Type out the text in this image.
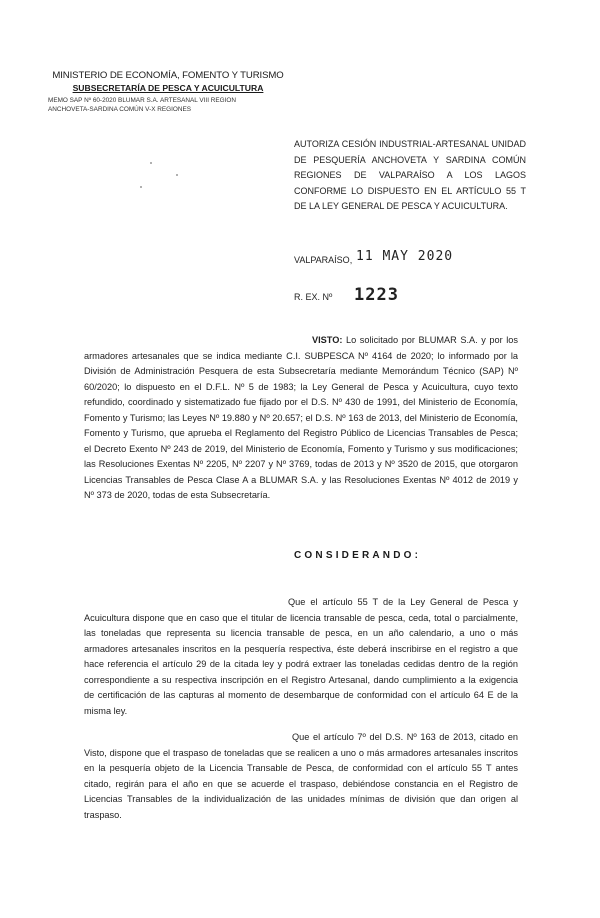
MINISTERIO DE ECONOMÍA, FOMENTO Y TURISMO
SUBSECRETARÍA DE PESCA Y ACUICULTURA
MEMO SAP Nº 60-2020 BLUMAR S.A. ARTESANAL VIII REGION
ANCHOVETA-SARDINA COMÚN V-X REGIONES
AUTORIZA CESIÓN INDUSTRIAL-ARTESANAL UNIDAD DE PESQUERÍA ANCHOVETA Y SARDINA COMÚN REGIONES DE VALPARAÍSO A LOS LAGOS CONFORME LO DISPUESTO EN EL ARTÍCULO 55 T DE LA LEY GENERAL DE PESCA Y ACUICULTURA.
VALPARAÍSO, 11 MAY 2020
R. EX. Nº 1223
VISTO: Lo solicitado por BLUMAR S.A. y por los armadores artesanales que se indica mediante C.I. SUBPESCA Nº 4164 de 2020; lo informado por la División de Administración Pesquera de esta Subsecretaría mediante Memorándum Técnico (SAP) Nº 60/2020; lo dispuesto en el D.F.L. Nº 5 de 1983; la Ley General de Pesca y Acuicultura, cuyo texto refundido, coordinado y sistematizado fue fijado por el D.S. Nº 430 de 1991, del Ministerio de Economía, Fomento y Turismo; las Leyes Nº 19.880 y Nº 20.657; el D.S. Nº 163 de 2013, del Ministerio de Economía, Fomento y Turismo, que aprueba el Reglamento del Registro Público de Licencias Transables de Pesca; el Decreto Exento Nº 243 de 2019, del Ministerio de Economía, Fomento y Turismo y sus modificaciones; las Resoluciones Exentas Nº 2205, Nº 2207 y Nº 3769, todas de 2013 y Nº 3520 de 2015, que otorgaron Licencias Transables de Pesca Clase A a BLUMAR S.A. y las Resoluciones Exentas Nº 4012 de 2019 y Nº 373 de 2020, todas de esta Subsecretaría.
CONSIDERANDO:
Que el artículo 55 T de la Ley General de Pesca y Acuicultura dispone que en caso que el titular de licencia transable de pesca, ceda, total o parcialmente, las toneladas que representa su licencia transable de pesca, en un año calendario, a uno o más armadores artesanales inscritos en la pesquería respectiva, éste deberá inscribirse en el registro a que hace referencia el artículo 29 de la citada ley y podrá extraer las toneladas cedidas dentro de la región correspondiente a su respectiva inscripción en el Registro Artesanal, dando cumplimiento a la exigencia de certificación de las capturas al momento de desembarque de conformidad con el artículo 64 E de la misma ley.
Que el artículo 7º del D.S. Nº 163 de 2013, citado en Visto, dispone que el traspaso de toneladas que se realicen a uno o más armadores artesanales inscritos en la pesquería objeto de la Licencia Transable de Pesca, de conformidad con el artículo 55 T antes citado, regirán para el año en que se acuerde el traspaso, debiéndose constancia en el Registro de Licencias Transables de la individualización de las unidades mínimas de división que dan origen al traspaso.
